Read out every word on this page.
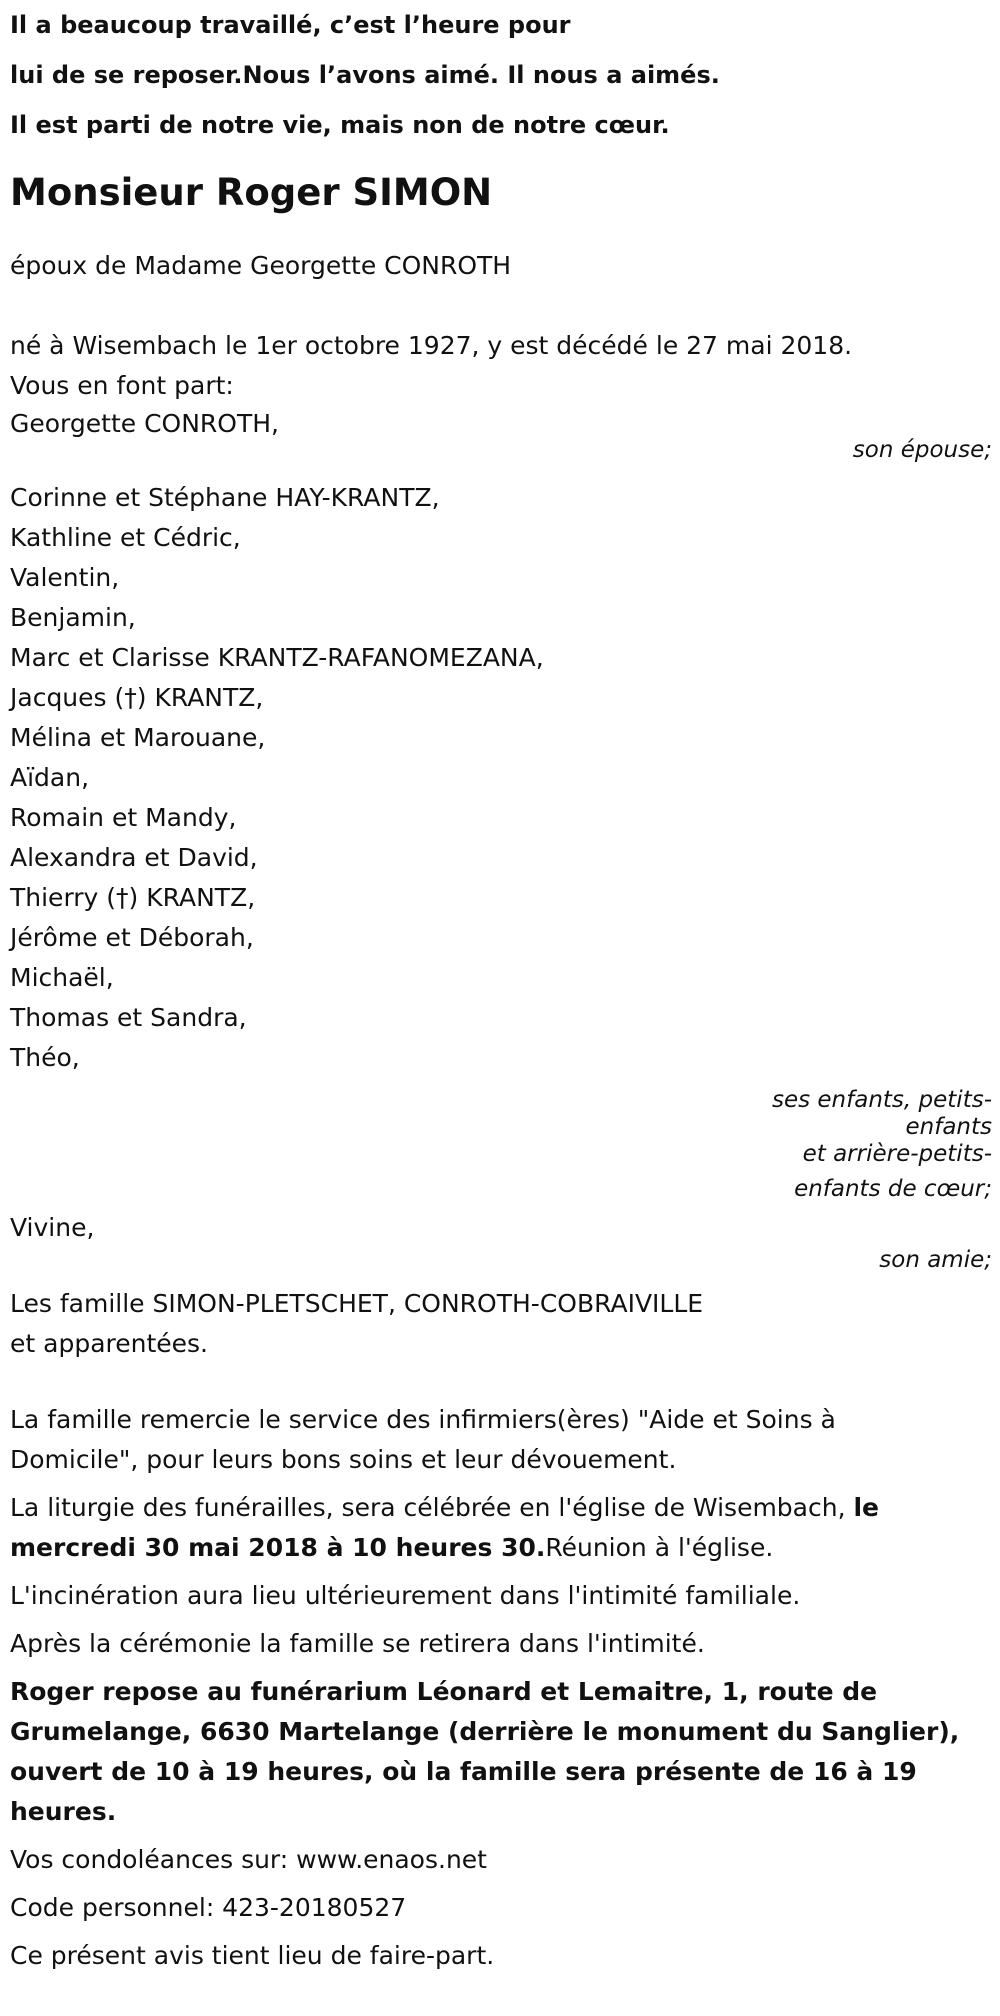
Il a beaucoup travaillé, c’est l’heure pour
lui de se reposer.Nous l’avons aimé. Il nous a aimés.
Il est parti de notre vie, mais non de notre cœur.
Monsieur Roger SIMON
époux de Madame Georgette CONROTH
né à Wisembach le 1er octobre 1927, y est décédé le 27 mai 2018.
Vous en font part:
Georgette CONROTH,
son épouse;
Corinne et Stéphane HAY-KRANTZ,
Kathline et Cédric,
Valentin,
Benjamin,
Marc et Clarisse KRANTZ-RAFANOMEZANA,
Jacques (†) KRANTZ,
Mélina et Marouane,
Aïdan,
Romain et Mandy,
Alexandra et David,
Thierry (†) KRANTZ,
Jérôme et Déborah,
Michaël,
Thomas et Sandra,
Théo,
ses enfants, petits-
enfants
et arrière-petits-
enfants de cœur;
Vivine,
son amie;
Les famille SIMON-PLETSCHET, CONROTH-COBRAIVILLE
et apparentées.
La famille remercie le service des infirmiers(ères) "Aide et Soins à Domicile", pour leurs bons soins et leur dévouement.
La liturgie des funérailles, sera célébrée en l'église de Wisembach, le mercredi 30 mai 2018 à 10 heures 30.Réunion à l'église.
L'incinération aura lieu ultérieurement dans l'intimité familiale.
Après la cérémonie la famille se retirera dans l'intimité.
Roger repose au funérarium Léonard et Lemaitre, 1, route de Grumelange, 6630 Martelange (derrière le monument du Sanglier), ouvert de 10 à 19 heures, où la famille sera présente de 16 à 19 heures.
Vos condoléances sur: www.enaos.net
Code personnel: 423-20180527
Ce présent avis tient lieu de faire-part.
